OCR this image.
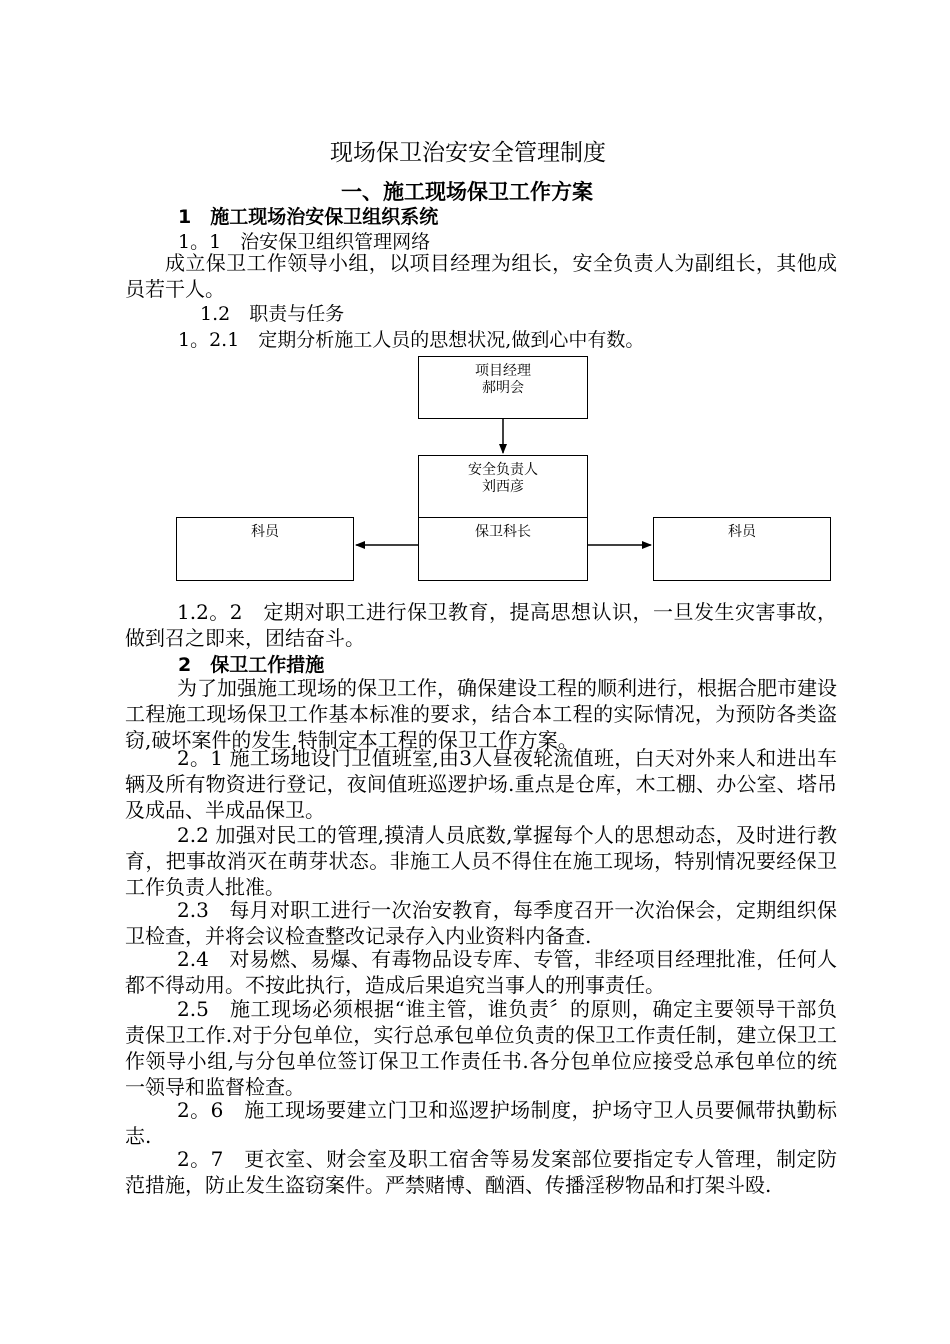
现场保卫治安安全管理制度
一、施工现场保卫工作方案
1　施工现场治安保卫组织系统
1。1　治安保卫组织管理网络
成立保卫工作领导小组，以项目经理为组长，安全负责人为副组长，其他成员若干人。
1.2　职责与任务
1。2.1　定期分析施工人员的思想状况,做到心中有数。
项目经理
郝明会
安全负责人
刘西彦
保卫科长
科员	科员
1.2。2　定期对职工进行保卫教育，提高思想认识，一旦发生灾害事故，做到召之即来，团结奋斗。
2　保卫工作措施
为了加强施工现场的保卫工作，确保建设工程的顺利进行，根据合肥市建设工程施工现场保卫工作基本标准的要求，结合本工程的实际情况，为预防各类盗窃,破坏案件的发生,特制定本工程的保卫工作方案。
2。1 施工场地设门卫值班室,由3人昼夜轮流值班，白天对外来人和进出车辆及所有物资进行登记，夜间值班巡逻护场.重点是仓库，木工棚、办公室、塔吊及成品、半成品保卫。
2.2 加强对民工的管理,摸清人员底数,掌握每个人的思想动态，及时进行教育，把事故消灭在萌芽状态。非施工人员不得住在施工现场，特别情况要经保卫工作负责人批准。
2.3　每月对职工进行一次治安教育，每季度召开一次治保会，定期组织保卫检查，并将会议检查整改记录存入内业资料内备查.
2.4　对易燃、易爆、有毒物品设专库、专管，非经项目经理批准，任何人都不得动用。不按此执行，造成后果追究当事人的刑事责任。
2.5　施工现场必须根据“谁主管，谁负责〞的原则，确定主要领导干部负责保卫工作.对于分包单位，实行总承包单位负责的保卫工作责任制，建立保卫工作领导小组,与分包单位签订保卫工作责任书.各分包单位应接受总承包单位的统一领导和监督检查。
2。6　施工现场要建立门卫和巡逻护场制度，护场守卫人员要佩带执勤标志.
2。7　更衣室、财会室及职工宿舍等易发案部位要指定专人管理，制定防范措施，防止发生盗窃案件。严禁赌博、酗酒、传播淫秽物品和打架斗殴.
